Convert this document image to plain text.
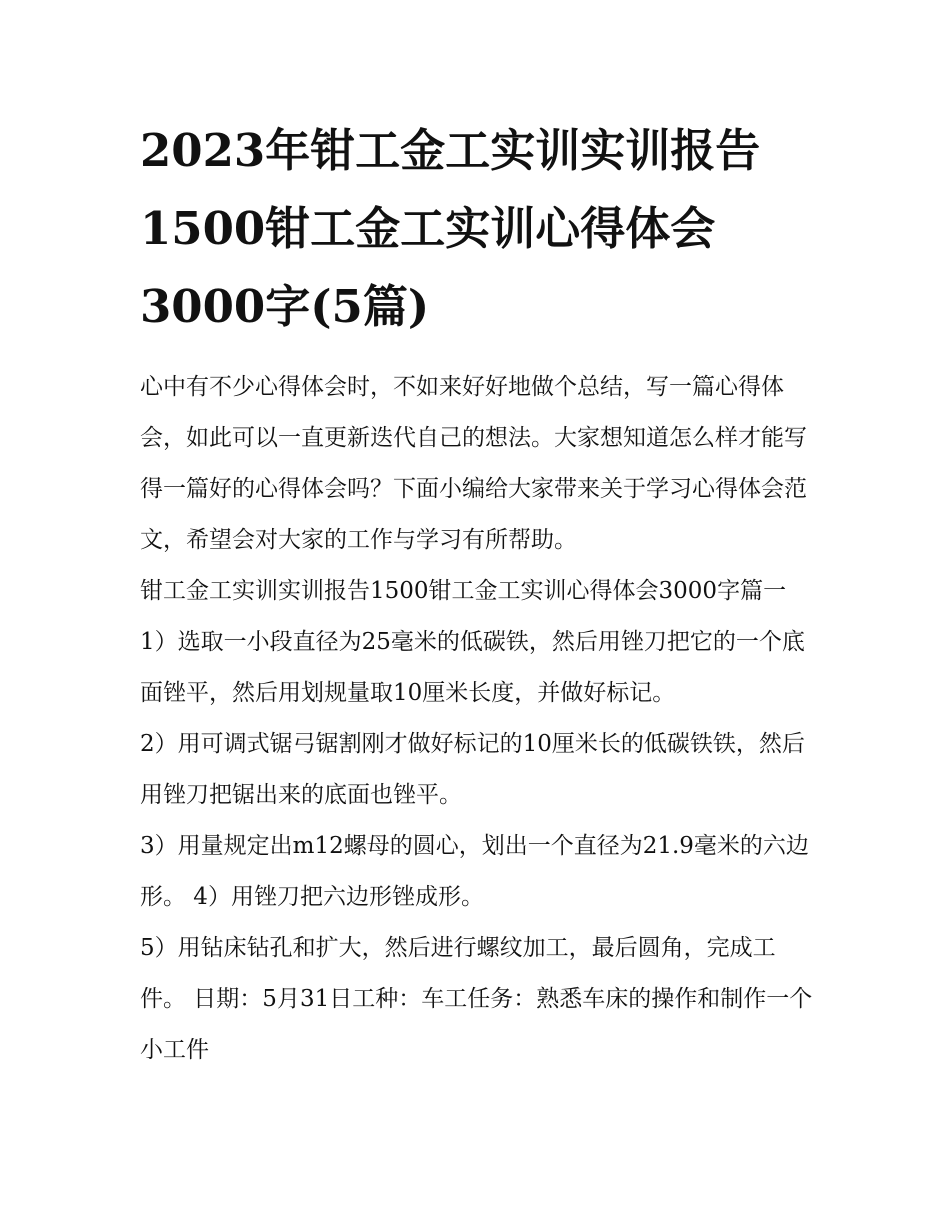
2023年钳工金工实训实训报告
1500钳工金工实训心得体会
3000字(5篇)

心中有不少心得体会时，不如来好好地做个总结，写一篇心得体会，如此可以一直更新迭代自己的想法。大家想知道怎么样才能写得一篇好的心得体会吗？下面小编给大家带来关于学习心得体会范文，希望会对大家的工作与学习有所帮助。

钳工金工实训实训报告1500钳工金工实训心得体会3000字篇一

1）选取一小段直径为25毫米的低碳铁，然后用锉刀把它的一个底面锉平，然后用划规量取10厘米长度，并做好标记。

2）用可调式锯弓锯割刚才做好标记的10厘米长的低碳铁铁，然后用锉刀把锯出来的底面也锉平。

3）用量规定出m12螺母的圆心，划出一个直径为21.9毫米的六边形。 4）用锉刀把六边形锉成形。

5）用钻床钻孔和扩大，然后进行螺纹加工，最后圆角，完成工件。 日期：5月31日工种：车工任务：熟悉车床的操作和制作一个小工件
